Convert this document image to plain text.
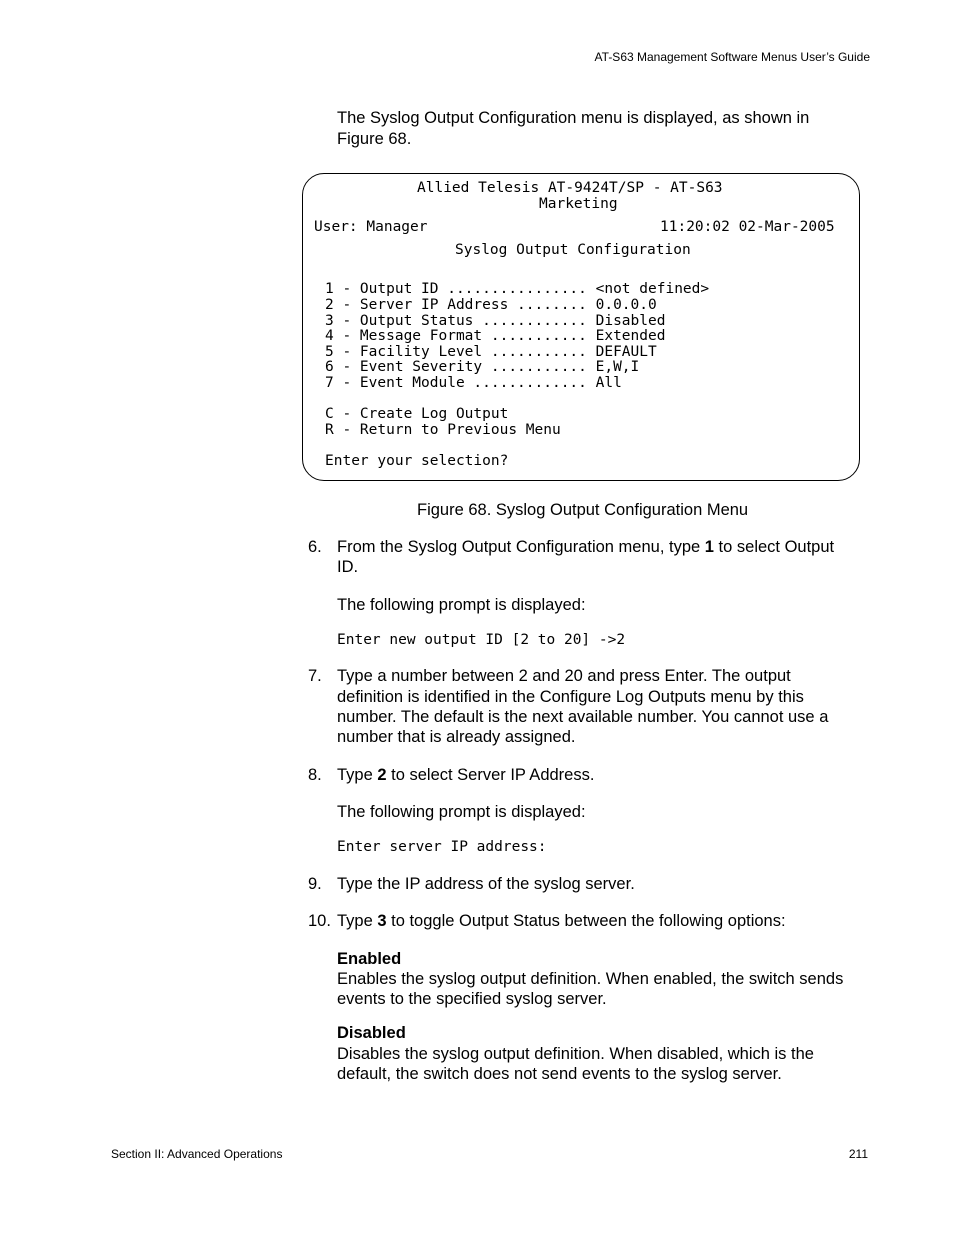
AT-S63 Management Software Menus User’s Guide
The Syslog Output Configuration menu is displayed, as shown in
Figure 68.
Allied Telesis AT-9424T/SP - AT-S63
Marketing
User: Manager	11:20:02 02-Mar-2005
Syslog Output Configuration
1 - Output ID ................ <not defined>
2 - Server IP Address ........ 0.0.0.0
3 - Output Status ............ Disabled
4 - Message Format ........... Extended
5 - Facility Level ........... DEFAULT
6 - Event Severity ........... E,W,I
7 - Event Module ............. All
C - Create Log Output
R - Return to Previous Menu
Enter your selection?
Figure 68. Syslog Output Configuration Menu
6. From the Syslog Output Configuration menu, type 1 to select Output
ID.
The following prompt is displayed:
Enter new output ID [2 to 20] ->2
7. Type a number between 2 and 20 and press Enter. The output
definition is identified in the Configure Log Outputs menu by this
number. The default is the next available number. You cannot use a
number that is already assigned.
8. Type 2 to select Server IP Address.
The following prompt is displayed:
Enter server IP address:
9. Type the IP address of the syslog server.
10. Type 3 to toggle Output Status between the following options:
Enabled
Enables the syslog output definition. When enabled, the switch sends
events to the specified syslog server.
Disabled
Disables the syslog output definition. When disabled, which is the
default, the switch does not send events to the syslog server.
Section II: Advanced Operations	211
